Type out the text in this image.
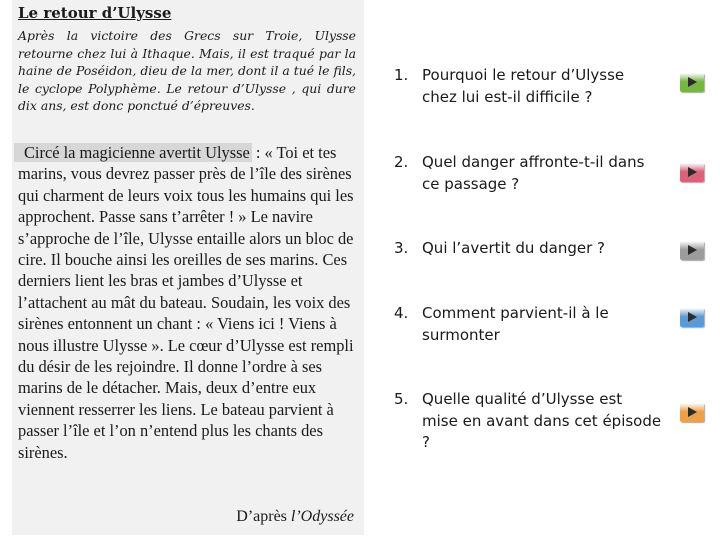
Le retour d’Ulysse

Après la victoire des Grecs sur Troie, Ulysse retourne chez lui à Ithaque. Mais, il est traqué par la haine de Poséidon, dieu de la mer, dont il a tué le fils, le cyclope Polyphème. Le retour d’Ulysse , qui dure dix ans, est donc ponctué d’épreuves.

Circé la magicienne avertit Ulysse : « Toi et tes marins, vous devrez passer près de l’île des sirènes qui charment de leurs voix tous les humains qui les approchent. Passe sans t’arrêter ! » Le navire s’approche de l’île, Ulysse entaille alors un bloc de cire. Il bouche ainsi les oreilles de ses marins. Ces derniers lient les bras et jambes d’Ulysse et l’attachent au mât du bateau. Soudain, les voix des sirènes entonnent un chant : « Viens ici ! Viens à nous illustre Ulysse ». Le cœur d’Ulysse est rempli du désir de les rejoindre. Il donne l’ordre à ses marins de le détacher. Mais, deux d’entre eux viennent resserrer les liens. Le bateau parvient à passer l’île et l’on n’entend plus les chants des sirènes.

D’après l’Odyssée

1. Pourquoi le retour d’Ulysse chez lui est-il difficile ?
2. Quel danger affronte-t-il dans ce passage ?
3. Qui l’avertit du danger ?
4. Comment parvient-il à le surmonter
5. Quelle qualité d’Ulysse est mise en avant dans cet épisode ?
